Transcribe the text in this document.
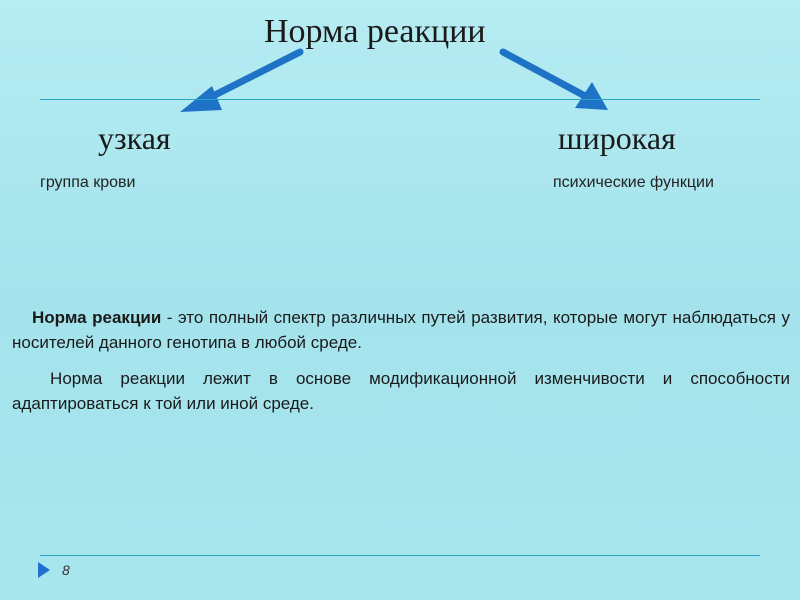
Норма реакции
узкая	широкая
группа крови	психические функции
Норма реакции - это полный спектр различных путей развития, которые могут наблюдаться у носителей данного генотипа в любой среде.
Норма реакции лежит в основе модификационной изменчивости и способности адаптироваться к той или иной среде.
8
